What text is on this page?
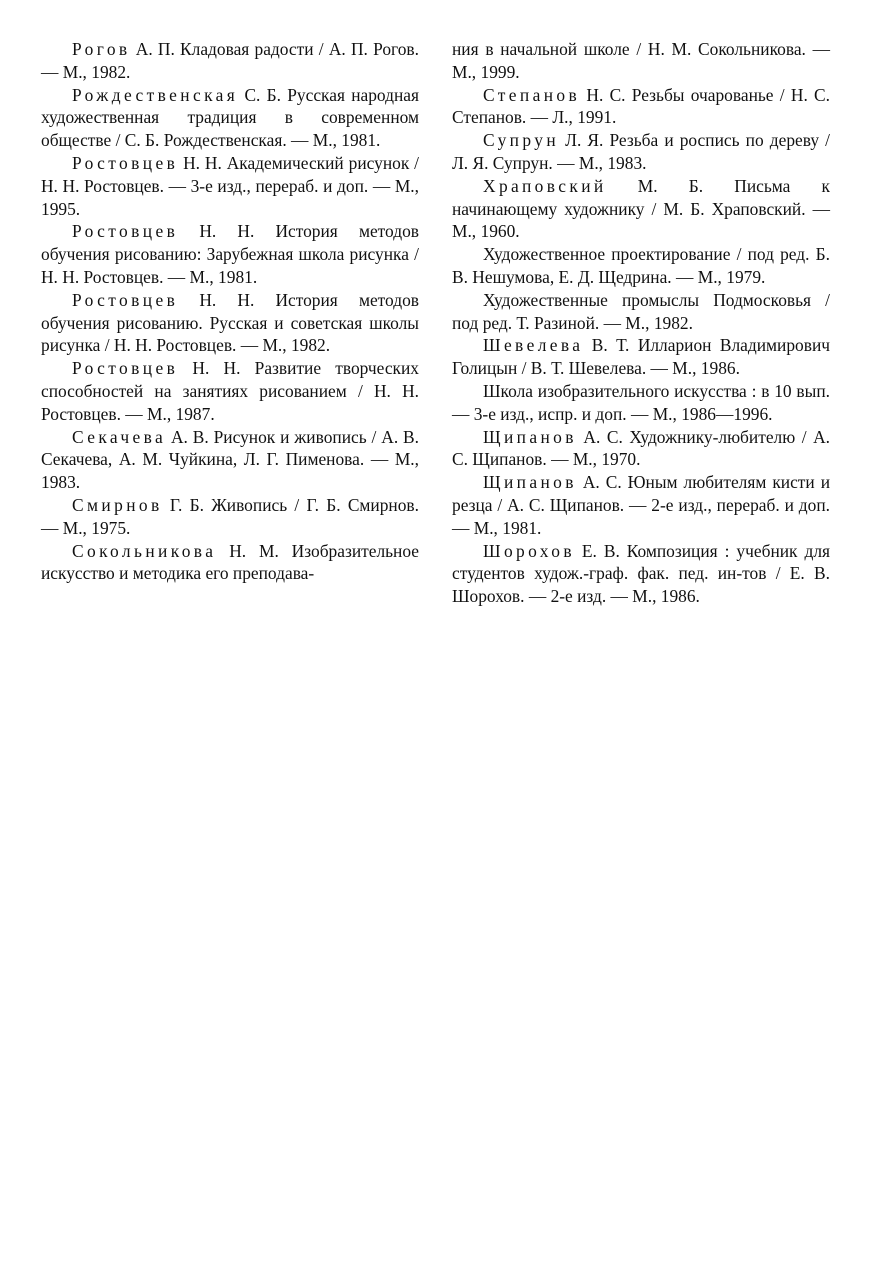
Рогов А. П. Кладовая радости / А. П. Рогов. — М., 1982.

Рождественская С. Б. Русская народная художественная традиция в современном обществе / С. Б. Рождественская. — М., 1981.

Ростовцев Н. Н. Академический рисунок / Н. Н. Ростовцев. — 3-е изд., перераб. и доп. — М., 1995.

Ростовцев Н. Н. История методов обучения рисованию: Зарубежная школа рисунка / Н. Н. Ростовцев. — М., 1981.

Ростовцев Н. Н. История методов обучения рисованию. Русская и советская школы рисунка / Н. Н. Ростовцев. — М., 1982.

Ростовцев Н. Н. Развитие творческих способностей на занятиях рисованием / Н. Н. Ростовцев. — М., 1987.

Секачева А. В. Рисунок и живопись / А. В. Секачева, А. М. Чуйкина, Л. Г. Пименова. — М., 1983.

Смирнов Г. Б. Живопись / Г. Б. Смирнов. — М., 1975.

Сокольникова Н. М. Изобразительное искусство и методика его преподава-

ния в начальной школе / Н. М. Сокольникова. — М., 1999.

Степанов Н. С. Резьбы очарованье / Н. С. Степанов. — Л., 1991.

Супрун Л. Я. Резьба и роспись по дереву / Л. Я. Супрун. — М., 1983.

Храповский М. Б. Письма к начинающему художнику / М. Б. Храповский. — М., 1960.

Художественное проектирование / под ред. Б. В. Нешумова, Е. Д. Щедрина. — М., 1979.

Художественные промыслы Подмосковья / под ред. Т. Разиной. — М., 1982.

Шевелева В. Т. Илларион Владимирович Голицын / В. Т. Шевелева. — М., 1986.

Школа изобразительного искусства : в 10 вып. — 3-е изд., испр. и доп. — М., 1986—1996.

Щипанов А. С. Художнику-любителю / А. С. Щипанов. — М., 1970.

Щипанов А. С. Юным любителям кисти и резца / А. С. Щипанов. — 2-е изд., перераб. и доп. — М., 1981.

Шорохов Е. В. Композиция : учебник для студентов худож.-граф. фак. пед. ин-тов / Е. В. Шорохов. — 2-е изд. — М., 1986.
